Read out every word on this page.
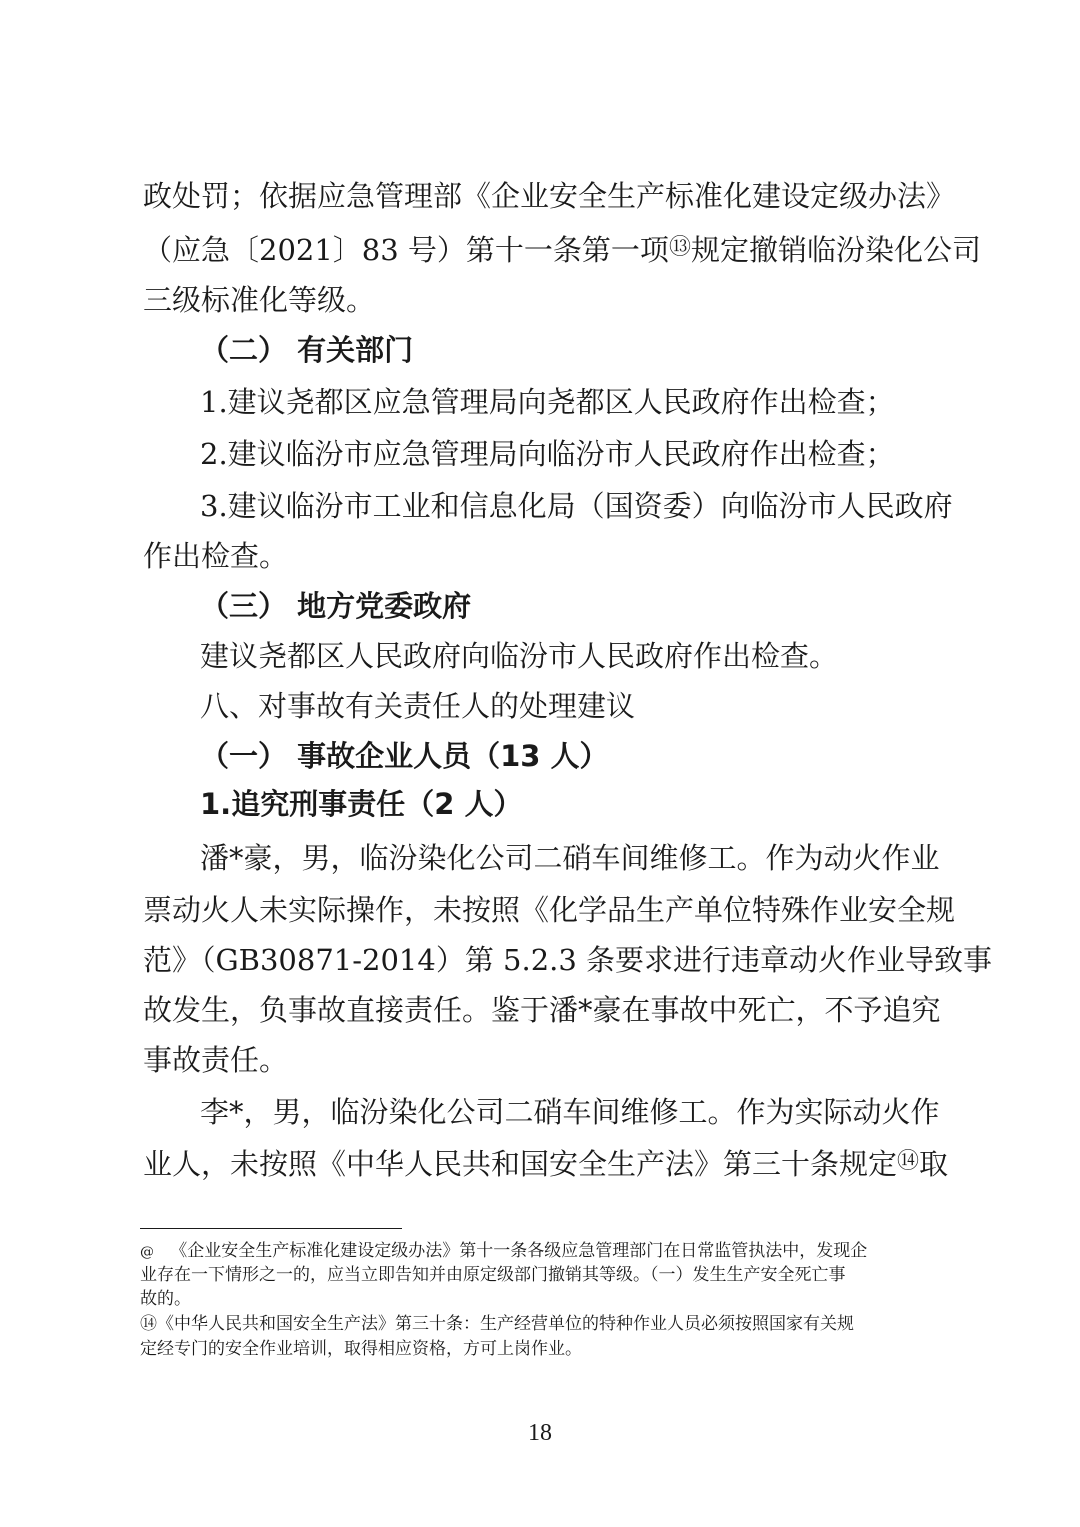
政处罚；依据应急管理部《企业安全生产标准化建设定级办法》
（应急〔2021〕83 号）第十一条第一项⑬规定撤销临汾染化公司
三级标准化等级。
（二） 有关部门
1.建议尧都区应急管理局向尧都区人民政府作出检查；
2.建议临汾市应急管理局向临汾市人民政府作出检查；
3.建议临汾市工业和信息化局（国资委）向临汾市人民政府
作出检查。
（三） 地方党委政府
建议尧都区人民政府向临汾市人民政府作出检查。
八、对事故有关责任人的处理建议
（一） 事故企业人员（13 人）
1.追究刑事责任（2 人）
潘*豪，男，临汾染化公司二硝车间维修工。作为动火作业
票动火人未实际操作，未按照《化学品生产单位特殊作业安全规
范》（GB30871-2014）第 5.2.3 条要求进行违章动火作业导致事
故发生，负事故直接责任。鉴于潘*豪在事故中死亡，不予追究
事故责任。
李*，男，临汾染化公司二硝车间维修工。作为实际动火作
业人，未按照《中华人民共和国安全生产法》第三十条规定⑭取
@ 《企业安全生产标准化建设定级办法》第十一条各级应急管理部门在日常监管执法中，发现企
业存在一下情形之一的，应当立即告知并由原定级部门撤销其等级。（一）发生生产安全死亡事
故的。
⑭《中华人民共和国安全生产法》第三十条：生产经营单位的特种作业人员必须按照国家有关规
定经专门的安全作业培训，取得相应资格，方可上岗作业。
18
